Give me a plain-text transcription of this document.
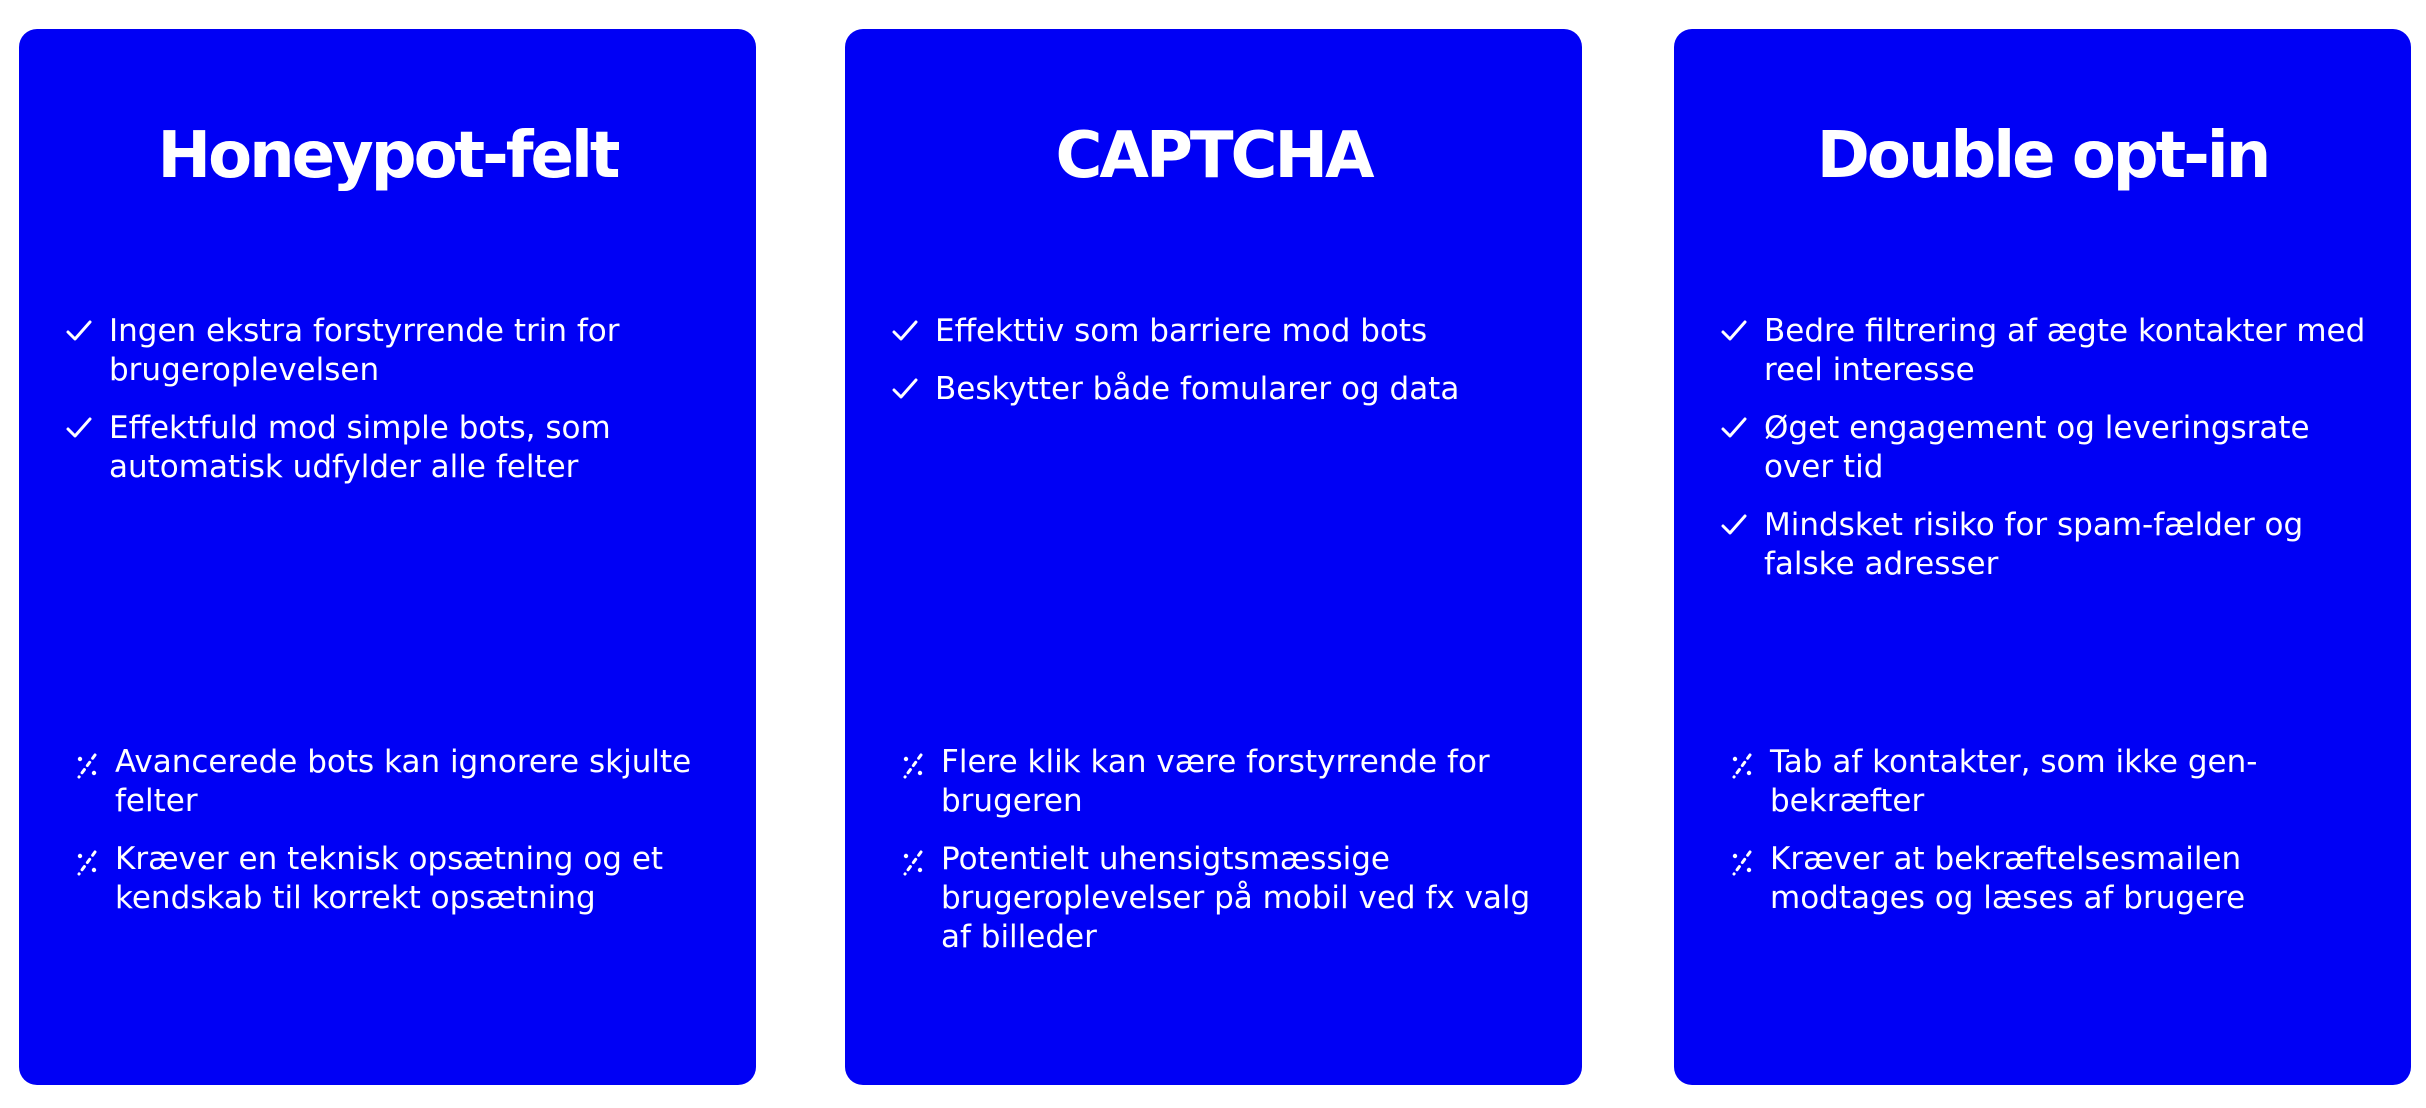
Honeypot-felt
Ingen ekstra forstyrrende trin for brugeroplevelsen
Effektfuld mod simple bots, som automatisk udfylder alle felter
Avancerede bots kan ignorere skjulte felter
Kræver en teknisk opsætning og et kendskab til korrekt opsætning
CAPTCHA
Effekttiv som barriere mod bots
Beskytter både fomularer og data
Flere klik kan være forstyrrende for brugeren
Potentielt uhensigtsmæssige brugeroplevelser på mobil ved fx valg af billeder
Double opt-in
Bedre filtrering af ægte kontakter med reel interesse
Øget engagement og leveringsrate over tid
Mindsket risiko for spam-fælder og falske adresser
Tab af kontakter, som ikke gen-bekræfter
Kræver at bekræftelsesmailen modtages og læses af brugere
